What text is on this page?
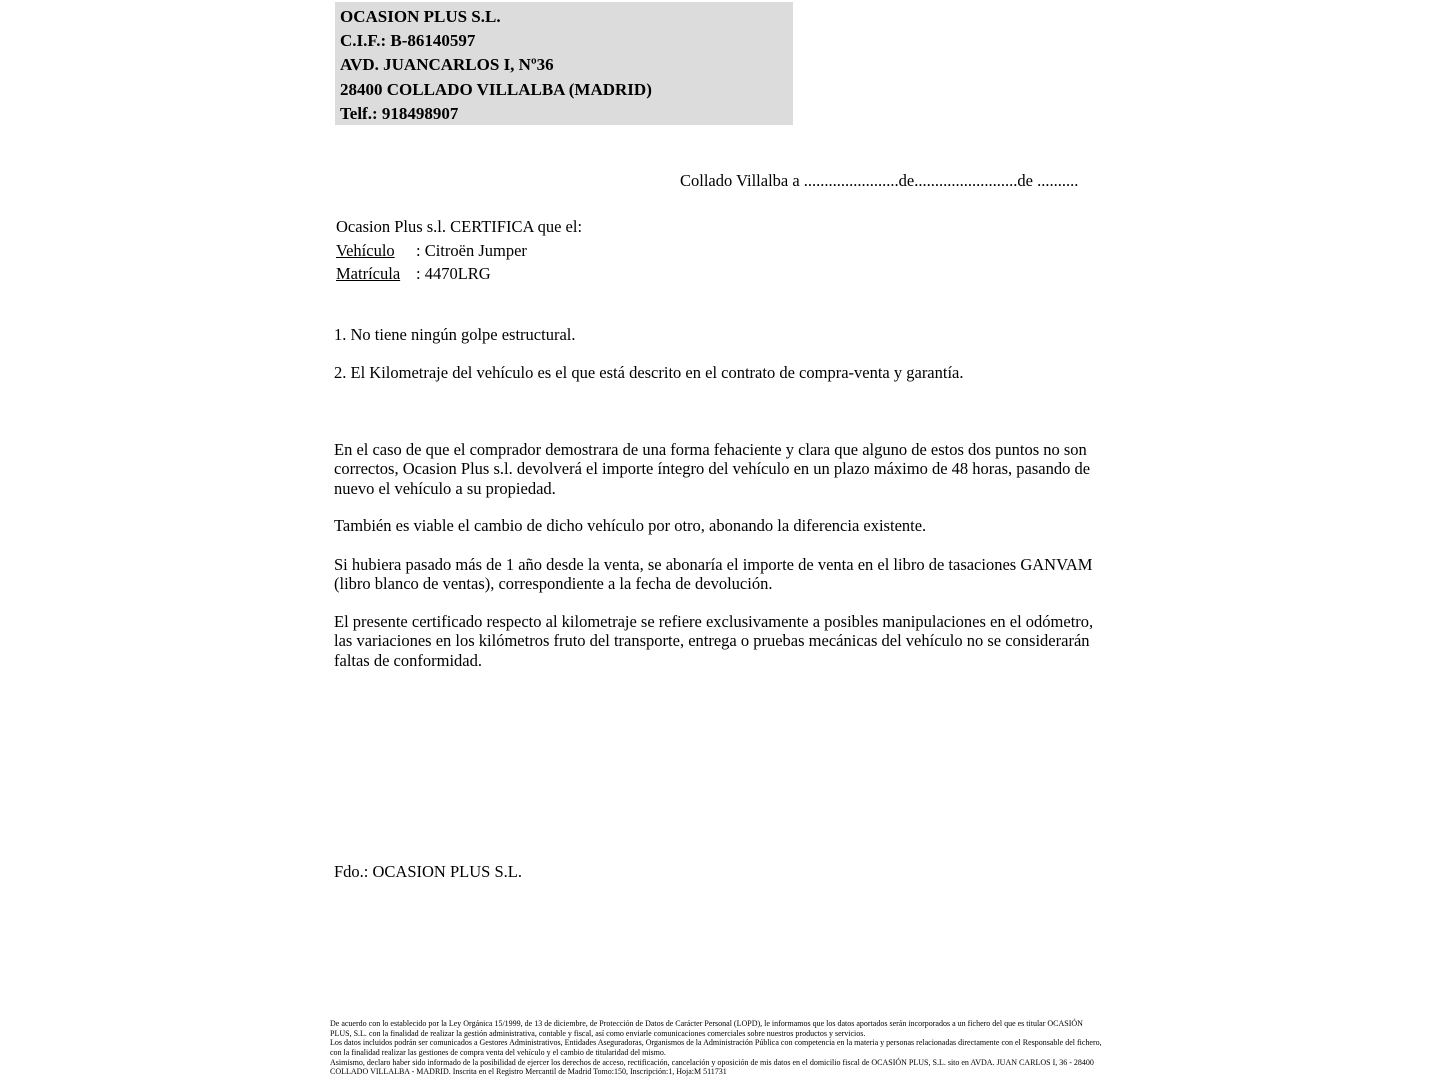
OCASION PLUS S.L.
C.I.F.: B-86140597
AVD. JUANCARLOS I, Nº36
28400 COLLADO VILLALBA (MADRID)
Telf.: 918498907
Collado Villalba a .......................de.........................de ..........
Ocasion Plus s.l. CERTIFICA que el:
Vehículo : Citroën Jumper
Matrícula : 4470LRG
1. No tiene ningún golpe estructural.
2. El Kilometraje del vehículo es el que está descrito en el contrato de compra-venta y garantía.
En el caso de que el comprador demostrara de una forma fehaciente y clara que alguno de estos dos puntos no son correctos, Ocasion Plus s.l. devolverá el importe íntegro del vehículo en un plazo máximo de 48 horas, pasando de nuevo el vehículo a su propiedad.
También es viable el cambio de dicho vehículo por otro, abonando la diferencia existente.
Si hubiera pasado más de 1 año desde la venta, se abonaría el importe de venta en el libro de tasaciones GANVAM (libro blanco de ventas), correspondiente a la fecha de devolución.
El presente certificado respecto al kilometraje se refiere exclusivamente a posibles manipulaciones en el odómetro, las variaciones en los kilómetros fruto del transporte, entrega o pruebas mecánicas del vehículo no se considerarán faltas de conformidad.
Fdo.: OCASION PLUS S.L.
De acuerdo con lo establecido por la Ley Orgánica 15/1999, de 13 de diciembre, de Protección de Datos de Carácter Personal (LOPD), le informamos que los datos aportados serán incorporados a un fichero del que es titular OCASIÓN PLUS, S.L. con la finalidad de realizar la gestión administrativa, contable y fiscal, así como enviarle comunicaciones comerciales sobre nuestros productos y servicios.
Los datos incluidos podrán ser comunicados a Gestores Administrativos, Entidades Aseguradoras, Organismos de la Administración Pública con competencia en la materia y personas relacionadas directamente con el Responsable del fichero, con la finalidad realizar las gestiones de compra venta del vehículo y el cambio de titularidad del mismo.
Asimismo, declaro haber sido informado de la posibilidad de ejercer los derechos de acceso, rectificación, cancelación y oposición de mis datos en el domicilio fiscal de OCASIÓN PLUS, S.L. sito en AVDA. JUAN CARLOS I, 36 - 28400 COLLADO VILLALBA - MADRID. Inscrita en el Registro Mercantil de Madrid Tomo:150, Inscripción:1, Hoja:M 511731
